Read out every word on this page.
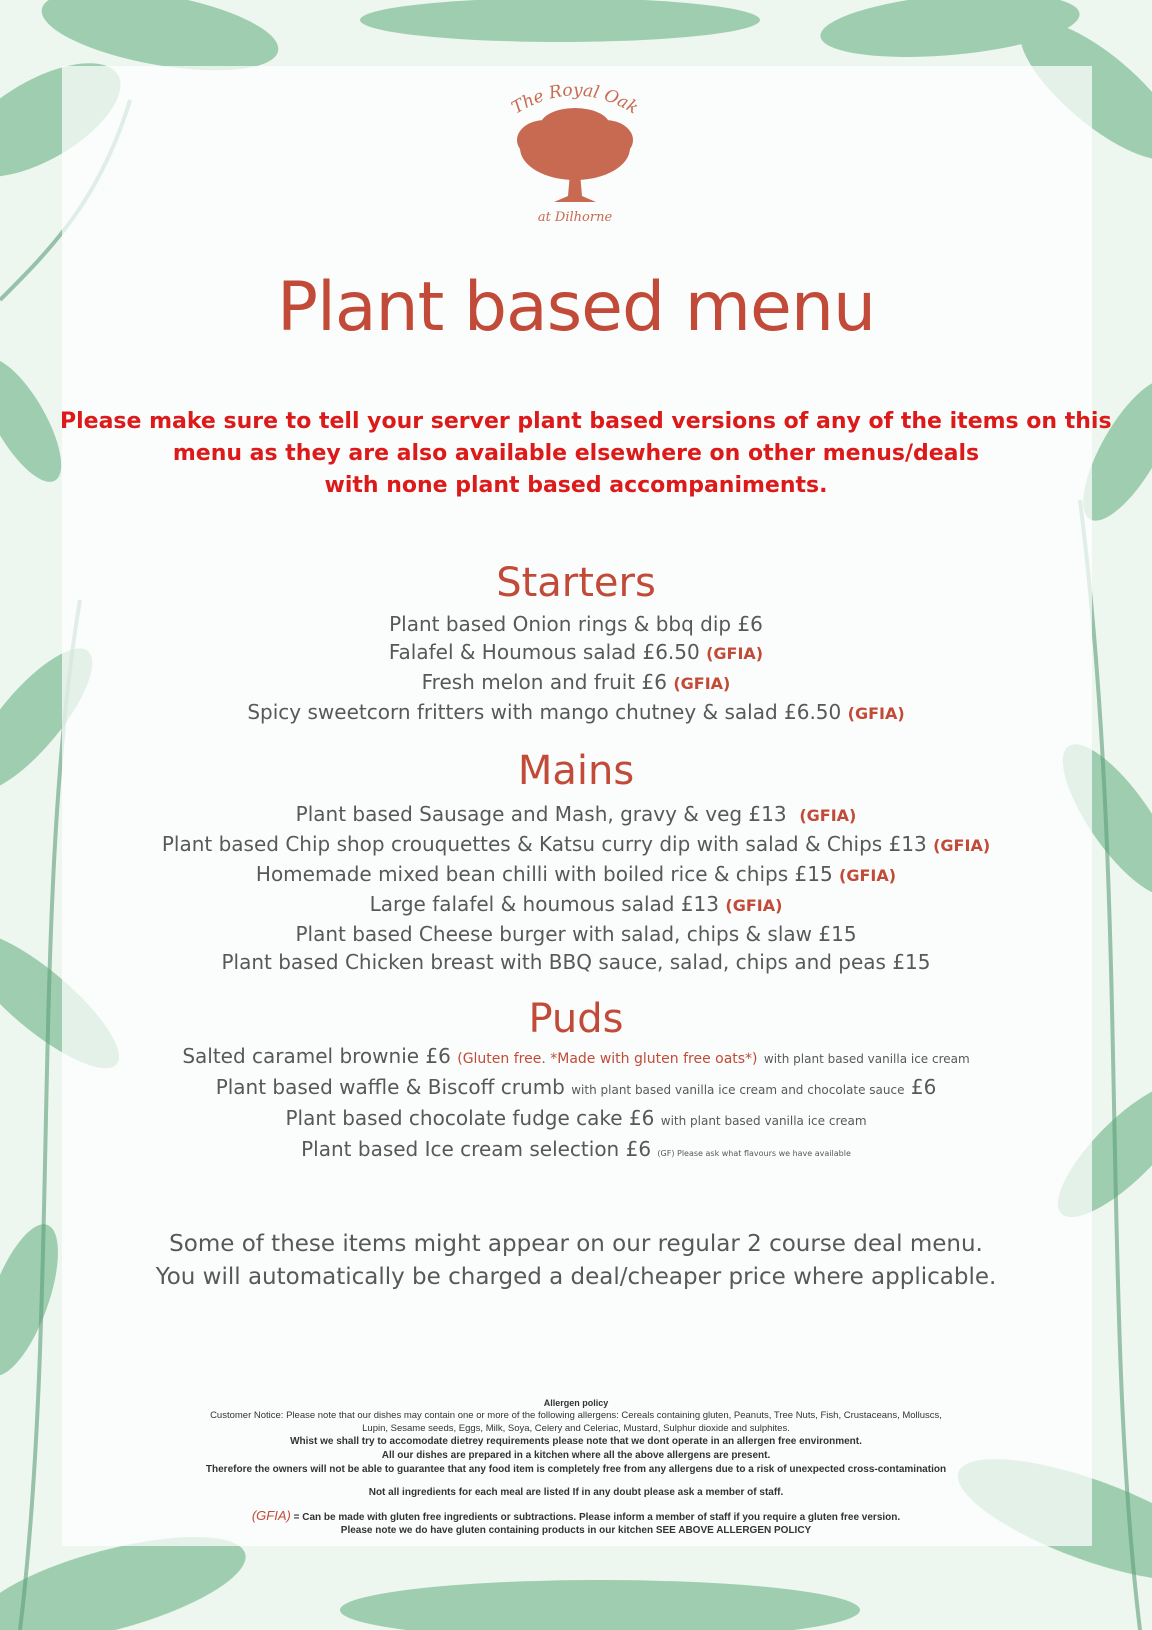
The Royal Oak
at Dilhorne
Plant based menu
Please make sure to tell your server plant based versions of any of the items on this
menu as they are also available elsewhere on other menus/deals
with none plant based accompaniments.
Starters
Plant based Onion rings & bbq dip £6
Falafel & Houmous salad £6.50 (GFIA)
Fresh melon and fruit £6 (GFIA)
Spicy sweetcorn fritters with mango chutney & salad £6.50 (GFIA)
Mains
Plant based Sausage and Mash, gravy & veg £13 (GFIA)
Plant based Chip shop crouquettes & Katsu curry dip with salad & Chips £13 (GFIA)
Homemade mixed bean chilli with boiled rice & chips £15 (GFIA)
Large falafel & houmous salad £13 (GFIA)
Plant based Cheese burger with salad, chips & slaw £15
Plant based Chicken breast with BBQ sauce, salad, chips and peas £15
Puds
Salted caramel brownie £6 (Gluten free. *Made with gluten free oats*) with plant based vanilla ice cream
Plant based waffle & Biscoff crumb with plant based vanilla ice cream and chocolate sauce £6
Plant based chocolate fudge cake £6 with plant based vanilla ice cream
Plant based Ice cream selection £6 (GF) Please ask what flavours we have available
Some of these items might appear on our regular 2 course deal menu.
You will automatically be charged a deal/cheaper price where applicable.
Allergen policy
Customer Notice: Please note that our dishes may contain one or more of the following allergens: Cereals containing gluten, Peanuts, Tree Nuts, Fish, Crustaceans, Molluscs,
Lupin, Sesame seeds, Eggs, Milk, Soya, Celery and Celeriac, Mustard, Sulphur dioxide and sulphites.
Whist we shall try to accomodate dietrey requirements please note that we dont operate in an allergen free environment.
All our dishes are prepared in a kitchen where all the above allergens are present.
Therefore the owners will not be able to guarantee that any food item is completely free from any allergens due to a risk of unexpected cross-contamination
Not all ingredients for each meal are listed If in any doubt please ask a member of staff.
(GFIA) = Can be made with gluten free ingredients or subtractions. Please inform a member of staff if you require a gluten free version.
Please note we do have gluten containing products in our kitchen SEE ABOVE ALLERGEN POLICY
